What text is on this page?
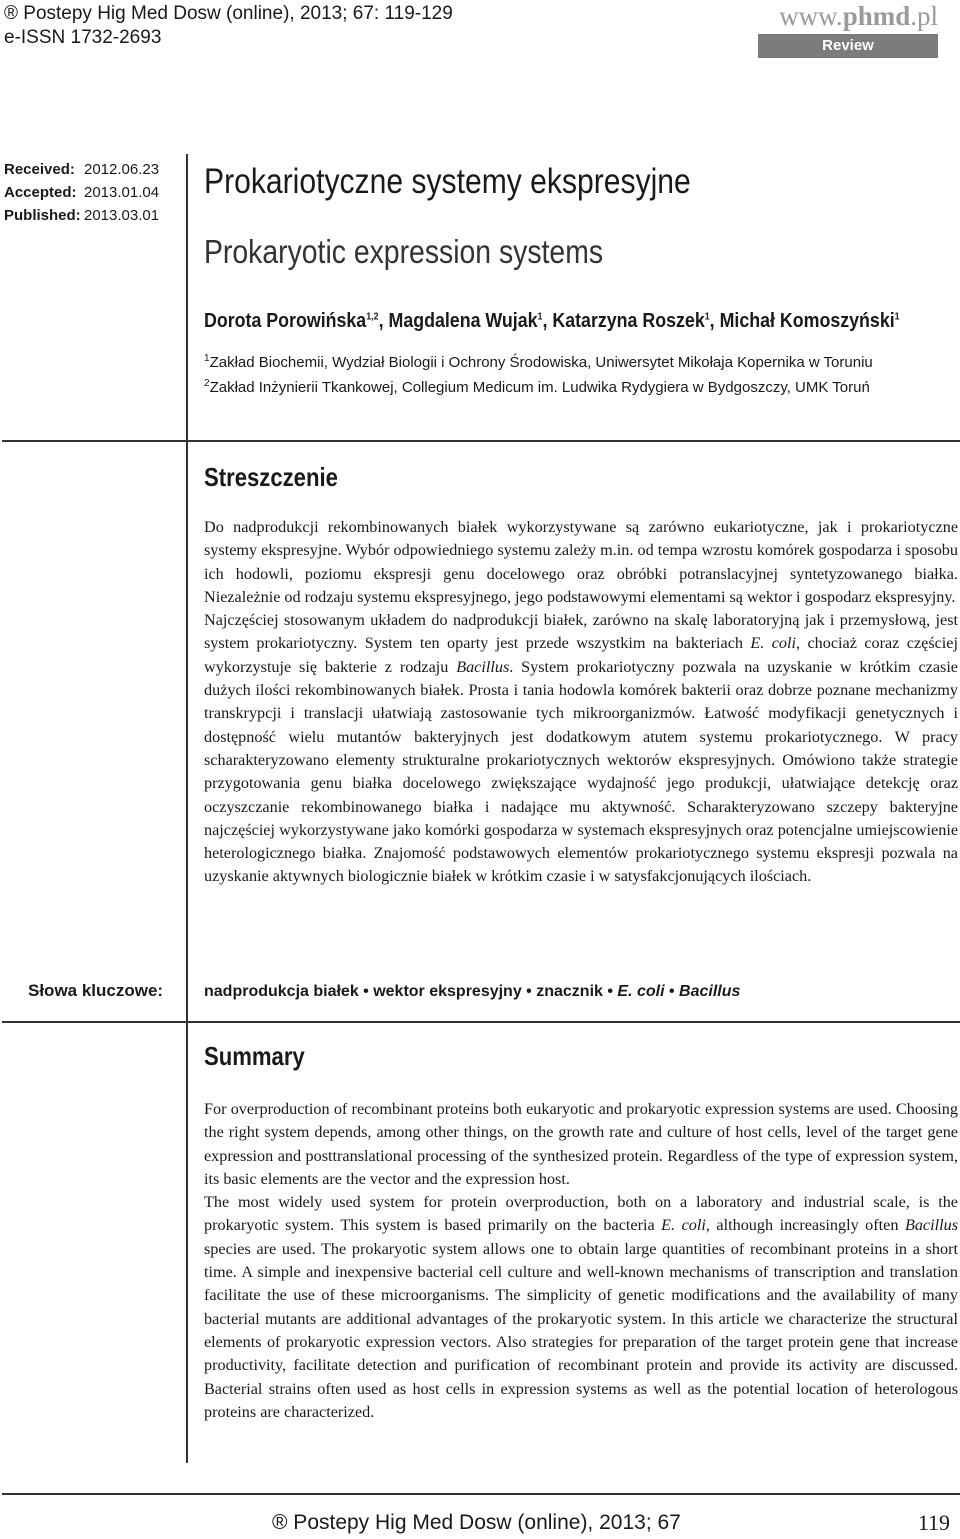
® Postepy Hig Med Dosw (online), 2013; 67: 119-129
e-ISSN 1732-2693
www.phmd.pl
Review
Received: 2012.06.23
Accepted: 2013.01.04
Published: 2013.03.01
Prokariotyczne systemy ekspresyjne
Prokaryotic expression systems
Dorota Porowińska$^{1,2}$, Magdalena Wujak$^1$, Katarzyna Roszek$^1$, Michał Komoszyński$^1$
$^1$Zakład Biochemii, Wydział Biologii i Ochrony Środowiska, Uniwersytet Mikołaja Kopernika w Toruniu
$^2$Zakład Inżynierii Tkankowej, Collegium Medicum im. Ludwika Rydygiera w Bydgoszczy, UMK Toruń
Streszczenie

Do nadprodukcji rekombinowanych białek wykorzystywane są zarówno eukariotyczne, jak i prokariotyczne systemy ekspresyjne. Wybór odpowiedniego systemu zależy m.in. od tempa wzrostu komórek gospodarza i sposobu ich hodowli, poziomu ekspresji genu docelowego oraz obróbki potranslacyjnej syntetyzowanego białka. Niezależnie od rodzaju systemu ekspresyjnego, jego podstawowymi elementami są wektor i gospodarz ekspresyjny.

Najczęściej stosowanym układem do nadprodukcji białek, zarówno na skalę laboratoryjną jak i przemysłową, jest system prokariotyczny. System ten oparty jest przede wszystkim na bakteriach E. coli, chociaż coraz częściej wykorzystuje się bakterie z rodzaju Bacillus. System prokariotyczny pozwala na uzyskanie w krótkim czasie dużych ilości rekombinowanych białek. Prosta i tania hodowla komórek bakterii oraz dobrze poznane mechanizmy transkrypcji i translacji ułatwiają zastosowanie tych mikroorganizmów. Łatwość modyfikacji genetycznych i dostępność wielu mutantów bakteryjnych jest dodatkowym atutem systemu prokariotycznego. W pracy scharakteryzowano elementy strukturalne prokariotycznych wektorów ekspresyjnych. Omówiono także strategie przygotowania genu białka docelowego zwiększające wydajność jego produkcji, ułatwiające detekcję oraz oczyszczanie rekombinowanego białka i nadające mu aktywność. Scharakteryzowano szczepy bakteryjne najczęściej wykorzystywane jako komórki gospodarza w systemach ekspresyjnych oraz potencjalne umiejscowienie heterologicznego białka. Znajomość podstawowych elementów prokariotycznego systemu ekspresji pozwala na uzyskanie aktywnych biologicznie białek w krótkim czasie i w satysfakcjonujących ilościach.

Słowa kluczowe:	nadprodukcja białek • wektor ekspresyjny • znacznik • E. coli • Bacillus
Summary

For overproduction of recombinant proteins both eukaryotic and prokaryotic expression systems are used. Choosing the right system depends, among other things, on the growth rate and culture of host cells, level of the target gene expression and posttranslational processing of the synthesized protein. Regardless of the type of expression system, its basic elements are the vector and the expression host.

The most widely used system for protein overproduction, both on a laboratory and industrial scale, is the prokaryotic system. This system is based primarily on the bacteria E. coli, although increasingly often Bacillus species are used. The prokaryotic system allows one to obtain large quantities of recombinant proteins in a short time. A simple and inexpensive bacterial cell culture and well-known mechanisms of transcription and translation facilitate the use of these microorganisms. The simplicity of genetic modifications and the availability of many bacterial mutants are additional advantages of the prokaryotic system. In this article we characterize the structural elements of prokaryotic expression vectors. Also strategies for preparation of the target protein gene that increase productivity, facilitate detection and purification of recombinant protein and provide its activity are discussed. Bacterial strains often used as host cells in expression systems as well as the potential location of heterologous proteins are characterized.

® Postepy Hig Med Dosw (online), 2013; 67	119
